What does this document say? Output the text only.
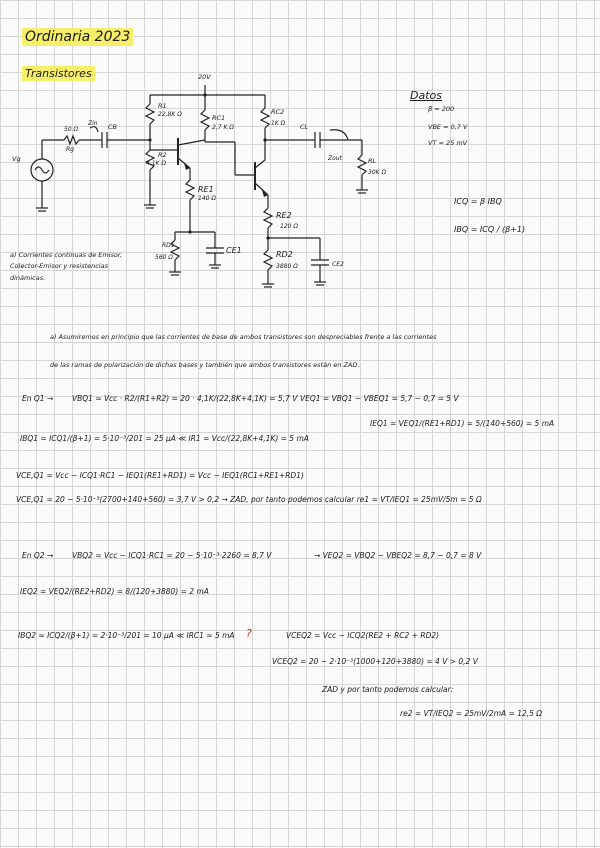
Ordinaria 2023
Transistores	20V
R1
22,8K Ω
R2
4,1K Ω
RC1
2,7 K Ω
RC2
1K Ω
RE1
140 Ω
RE2
120 Ω
RD1
560 Ω	RD2
3880 Ω
CE1
CE2
CB	CL
Zin
Zout
50 Ω
Rg
RL
30K Ω
Vg
Datos
β = 200
VBE = 0,7 V
VT = 25 mV
ICQ = β IBQ
IBQ = ICQ / (β+1)
a) Corrientes continuas de Emisor, Colector-Emisor y resistencias dinámicas.
a) Asumiremos en principio que las corrientes de base de ambos transistores son despreciables frente a las corrientes
de las ramas de polarización de dichas bases y también que ambos transistores están en ZAD.
En Q1 →	VBQ1 ≈ Vcc · R2/(R1+R2) = 20 · 4,1K/(22,8K+4,1K) = 5,7 V VEQ1 = VBQ1 − VBEQ1 = 5,7 − 0,7 = 5 V
IEQ1 = VEQ1/(RE1+RD1) = 5/(140+560) = 5 mA
IBQ1 = ICQ1/(β+1) = 5·10⁻³/201 = 25 µA ≪ IR1 = Vcc/(22,8K+4,1K) = 5 mA
VCE,Q1 = Vcc − ICQ1·RC1 − IEQ1(RE1+RD1) = Vcc − IEQ1(RC1+RE1+RD1)
VCE,Q1 = 20 − 5·10⁻³(2700+140+560) = 3,7 V > 0,2 → ZAD, por tanto podemos calcular re1 = VT/IEQ1 = 25mV/5m = 5 Ω
En Q2 →	VBQ2 = Vcc − ICQ1·RC1 = 20 − 5·10⁻³·2260 = 8,7 V	→ VEQ2 = VBQ2 − VBEQ2 = 8,7 − 0,7 = 8 V
IEQ2 = VEQ2/(RE2+RD2) = 8/(120+3880) = 2 mA
IBQ2 ≈ ICQ2/(β+1) = 2·10⁻³/201 = 10 µA ≪ IRC1 ≈ 5 mA ?	VCEQ2 = Vcc − ICQ2(RE2 + RC2 + RD2)
VCEQ2 = 20 − 2·10⁻³(1000+120+3880) = 4 V > 0,2 V
ZAD y por tanto podemos calcular:
re2 = VT/IEQ2 = 25mV/2mA = 12,5 Ω
